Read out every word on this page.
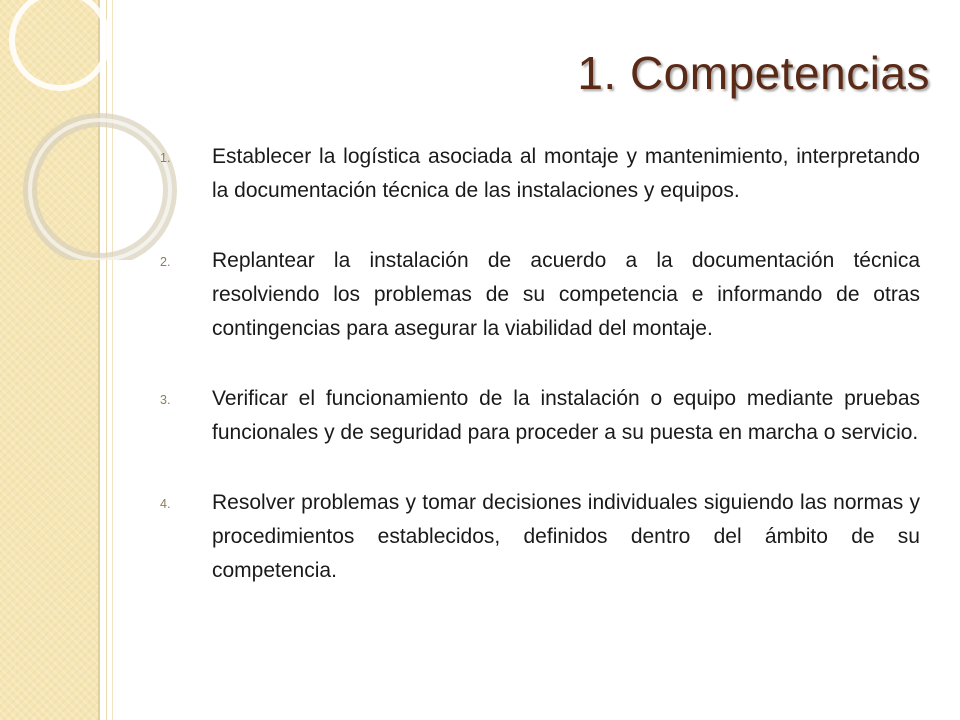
1. Competencias
1.	Establecer la logística asociada al montaje y mantenimiento, interpretando la documentación técnica de las instalaciones y equipos.
2.	Replantear la instalación de acuerdo a la documentación técnica resolviendo los problemas de su competencia e informando de otras contingencias para asegurar la viabilidad del montaje.
3.	Verificar el funcionamiento de la instalación o equipo mediante pruebas funcionales y de seguridad para proceder a su puesta en marcha o servicio.
4.	Resolver problemas y tomar decisiones individuales siguiendo las normas y procedimientos establecidos, definidos dentro del ámbito de su competencia.
